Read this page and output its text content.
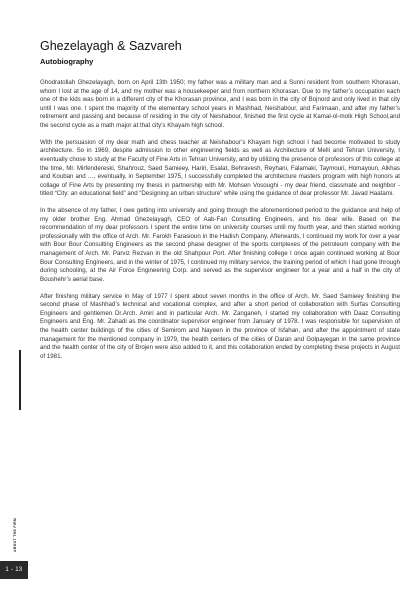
Ghezelayagh & Sazvareh
Autobiography

Ghodratollah Ghezelayagh, born on April 13th 1950; my father was a military man and a Sunni resident from southern Khorasan, whom I lost at the age of 14, and my mother was a housekeeper and from northern Khorasan. Due to my father’s occupation each one of the kids was born in a different city of the Khorasan province, and I was born in the city of Bojnord and only lived in that city until I was one. I spent the majority of the elementary school years in Mashhad, Neishabour, and Farimaan, and after my father’s retirement and passing and because of residing in the city of Neishabour, finished the first cycle at Kamal-ol-molk High School,and the second cycle as a math major at that city’s Khayam high school.

With the persuasion of my dear math and chess teacher at Neishabour’s Khayam high school I had become motivated to study architecture. So in 1969, despite admission to other engineering fields as well as Architecture of Melli and Tehran University, I eventually chose to study at the Faculty of Fine Arts in Tehran University, and by utilizing the presence of professors of this college at the time, Mr. Mirfendereski, Shahrouz, Saed Samieey, Hariri, Esalat, Behravesh, Reyhani, Falamaki, Taymouri, Homayoun, Alkhas and Kouban and …, eventually, in September 1975, I successfully completed the architecture masters program with high honors at collage of Fine Arts by presenting my thesis in partnership with Mr. Mohsen Vosoughi - my dear friend, classmate and neighbor - titled “City: an educational field” and “Designing an urban structure” while using the guidance of dear professor Mr. Javad Haatami.

In the absence of my father, I owe getting into university and going through the aforementioned period to the guidance and help of my older brother Eng. Ahmad Ghezelayagh, CEO of Aab-Fan Consulting Engineers, and his dear wife. Based on the recommendation of my dear professors I spent the entire time on university courses until my fourth year, and then started working professionally with the office of Arch. Mr. Farokh Farasioun in the Hadish Company. Afterwards, I continued my work for over a year with Bour Bour Consulting Engineers as the second phase designer of the sports complexes of the petroleum company with the management of Arch. Mr. Parviz Rezvan in the old Shahpour Port. After finishing college I once again continued working at Bour Bour Consulting Engineers, and in the winter of 1975, I continued my military service, the training period of which I had gone through during schooling, at the Air Force Engineering Corp. and served as the supervisor engineer for a year and a half in the city of Boushehr’s aerial base.

After finishing military service in May of 1977 I spent about seven months in the office of Arch. Mr. Saed Samieey finishing the second phase of Mashhad’s technical and vocational complex, and after a short period of collaboration with Surfas Consulting Engineers and gentlemen Dr.Arch. Amiri and in particular Arch. Mr. Zanganeh, I started my collaboration with Daaz Consulting Engineers and Eng. Mr. Zahadi as the coordinator supervisor engineer from January of 1978. I was responsible for supervision of the health center buildings of the cities of Semirom and Nayeen in the province of Isfahan, and after the appointment of state management for the mentioned company in 1979, the health centers of the cities of Daran and Golpayegan in the same province and the health center of the city of Brojen were also added to it, and this collaboration ended by completing these projects in August of 1981.

ABOUT THE FIRM
1 - 13
